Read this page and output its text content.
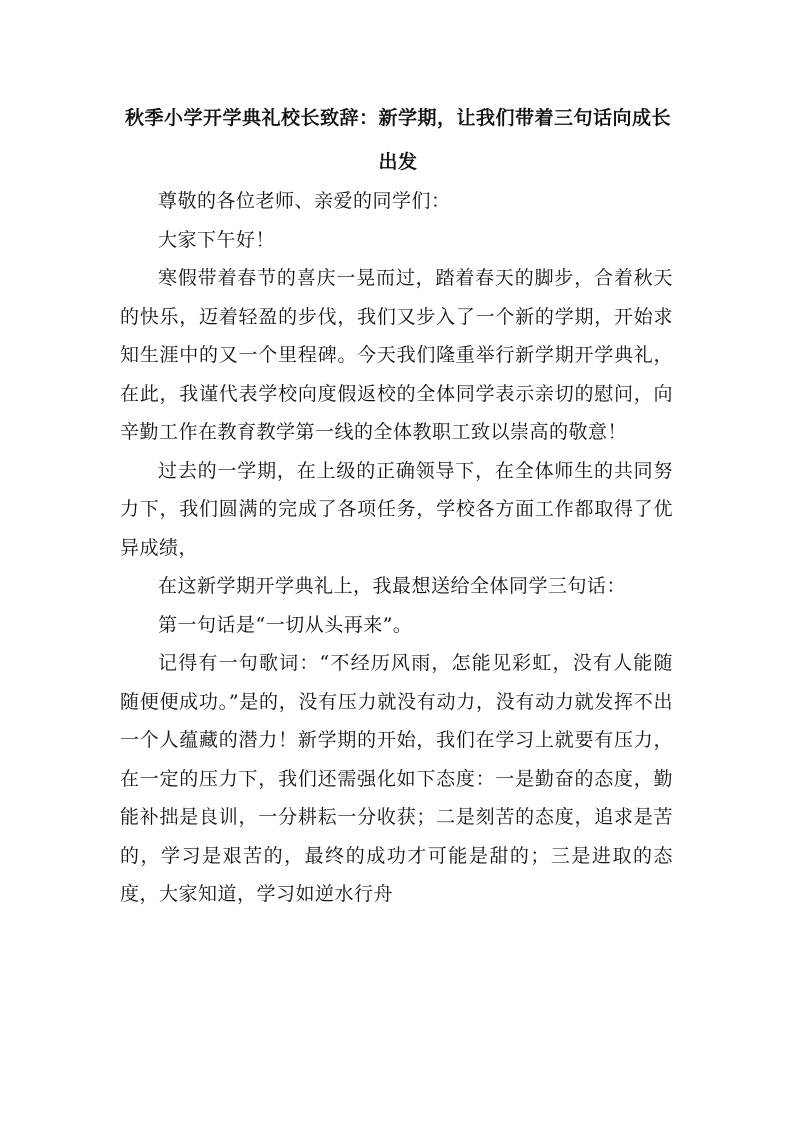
秋季小学开学典礼校长致辞：新学期，让我们带着三句话向成长出发

尊敬的各位老师、亲爱的同学们：

大家下午好！

寒假带着春节的喜庆一晃而过，踏着春天的脚步，合着秋天的快乐，迈着轻盈的步伐，我们又步入了一个新的学期，开始求知生涯中的又一个里程碑。今天我们隆重举行新学期开学典礼，在此，我谨代表学校向度假返校的全体同学表示亲切的慰问，向辛勤工作在教育教学第一线的全体教职工致以崇高的敬意！

过去的一学期，在上级的正确领导下，在全体师生的共同努力下，我们圆满的完成了各项任务，学校各方面工作都取得了优异成绩，

在这新学期开学典礼上，我最想送给全体同学三句话：

第一句话是“一切从头再来”。

记得有一句歌词：“不经历风雨，怎能见彩虹，没有人能随随便便成功。”是的，没有压力就没有动力，没有动力就发挥不出一个人蕴藏的潜力！新学期的开始，我们在学习上就要有压力，在一定的压力下，我们还需强化如下态度：一是勤奋的态度，勤能补拙是良训，一分耕耘一分收获；二是刻苦的态度，追求是苦的，学习是艰苦的，最终的成功才可能是甜的；三是进取的态度，大家知道，学习如逆水行舟
